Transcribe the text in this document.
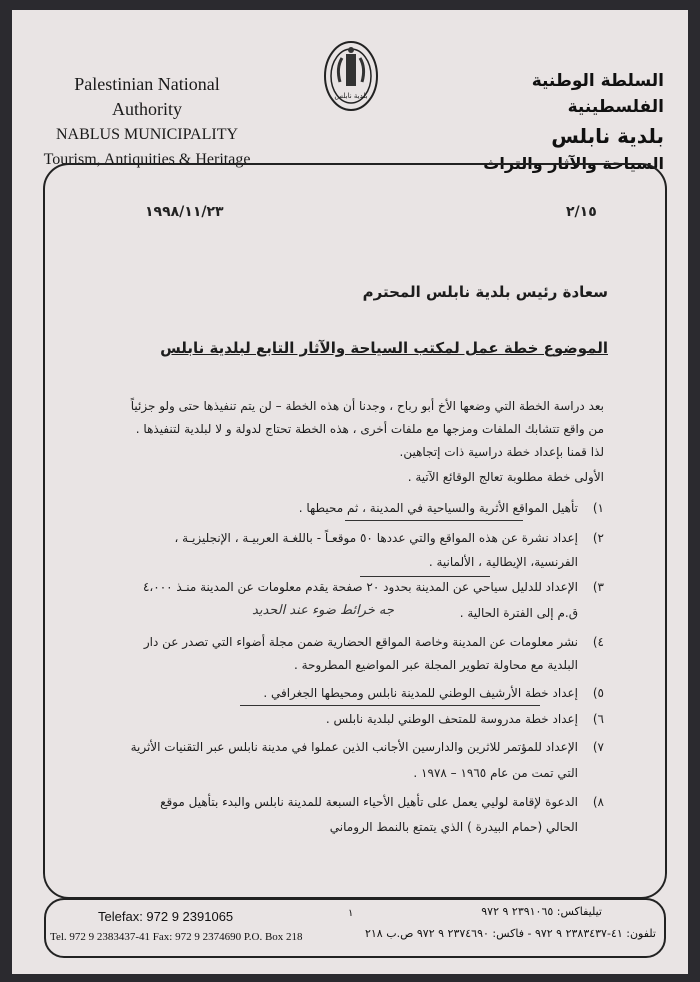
Palestinian National Authority
NABLUS MUNICIPALITY
Tourism, Antiquities & Heritage
بلدية نابلس
السلطة الوطنية الفلسطينية
بلدية نابلس
السياحة والآثار والتراث
١٩٩٨/١١/٢٣	٢/١٥
سعادة رئيس بلدية نابلس المحترم
الموضوع خطة عمل لمكتب السياحة والآثار التابع لبلدية نابلس
بعد دراسة الخطة التي وضعها الأخ أبو رباح ، وجدنا أن هذه الخطة – لن يتم تنفيذها حتى ولو جزئياً
من واقع تتشابك الملفات ومزجها مع ملفات أخرى ، هذه الخطة تحتاج لدولة و لا لبلدية لتنفيذها .
لذا قمنا بإعداد خطة دراسية ذات إتجاهين.
الأولى خطة مطلوبة تعالج الوقائع الآتية .
١)تأهيل المواقع الأثرية والسياحية في المدينة ، ثم محيطها .
٢)إعداد نشرة عن هذه المواقع والتي عددها ٥٠ موقعـاً - باللغـة العربيـة ، الإنجليزيـة ،
الفرنسية، الإيطالية ، الألمانية .
٣)الإعداد للدليل سياحي عن المدينة بحدود ٢٠ صفحة يقدم معلومات عن المدينة منـذ ٤،٠٠٠
ق.م إلى الفترة الحالية .
جه خرائط ضوء عند الحديد
٤)نشر معلومات عن المدينة وخاصة المواقع الحضارية ضمن مجلة أضواء التي تصدر عن دار
البلدية مع محاولة تطوير المجلة عبر المواضيع المطروحة .
٥)إعداد خطة الأرشيف الوطني للمدينة نابلس ومحيطها الجغرافي .
٦)إعداد خطة مدروسة للمتحف الوطني لبلدية نابلس .
٧)الإعداد للمؤتمر للاثرين والدارسين الأجانب الذين عملوا في مدينة نابلس عبر التقنيات الأثرية
التي تمت من عام ١٩٦٥ – ١٩٧٨ .
٨)الدعوة لإقامة لوليي يعمل على تأهيل الأحياء السبعة للمدينة نابلس والبدء بتأهيل موقع
الحالي (حمام البيدرة ) الذي يتمتع بالنمط الروماني
١
Telefax: 972 9 2391065
Tel. 972 9 2383437-41 Fax: 972 9 2374690 P.O. Box 218
تيليفاكس: ٢٣٩١٠٦٥ ٩ ٩٧٢
تلفون: ٤١-٢٣٨٣٤٣٧ ٩ ٩٧٢ - فاكس: ٢٣٧٤٦٩٠ ٩ ٩٧٢ ص.ب ٢١٨
